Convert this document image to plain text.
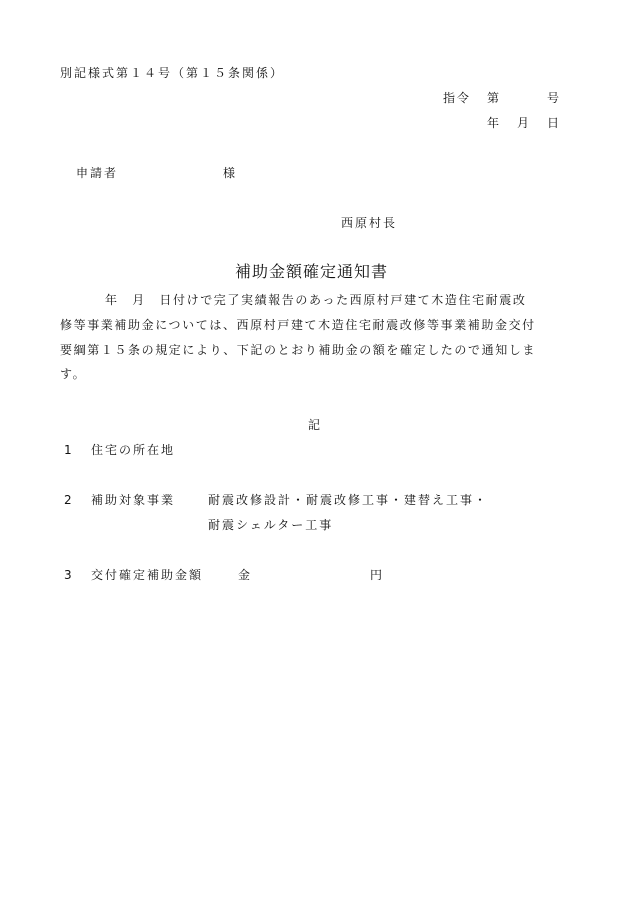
別記様式第１４号（第１５条関係）
指令 第	号
年 月 日
申請者	様
西原村長
補助金額確定通知書
年　月　日付けで完了実績報告のあった西原村戸建て木造住宅耐震改
修等事業補助金については、西原村戸建て木造住宅耐震改修等事業補助金交付
要綱第１５条の規定により、下記のとおり補助金の額を確定したので通知しま
す。
記
1 住宅の所在地
2 補助対象事業	耐震改修設計・耐震改修工事・建替え工事・
耐震シェルター工事
3 交付確定補助金額	金	円
